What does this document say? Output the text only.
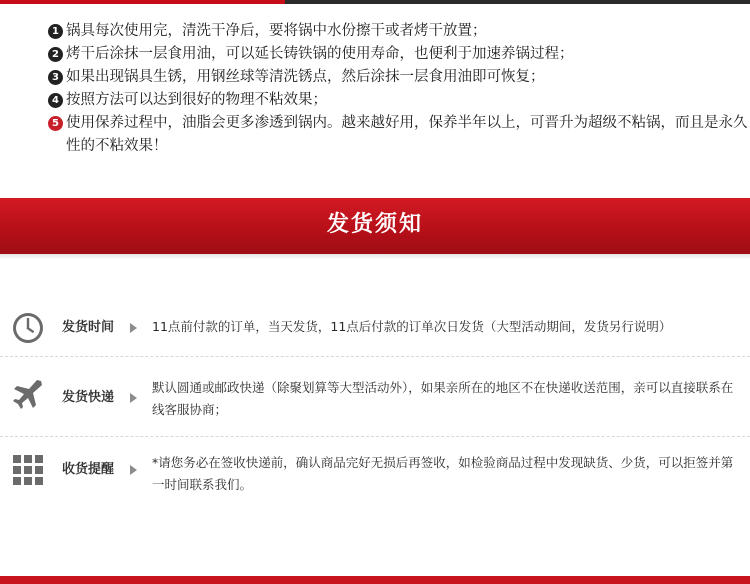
1 锅具每次使用完，清洗干净后，要将锅中水份擦干或者烤干放置；
2 烤干后涂抹一层食用油，可以延长铸铁锅的使用寿命，也便利于加速养锅过程；
3 如果出现锅具生锈，用钢丝球等清洗锈点，然后涂抹一层食用油即可恢复；
4 按照方法可以达到很好的物理不粘效果；
5 使用保养过程中，油脂会更多渗透到锅内。越来越好用，保养半年以上，可晋升为超级不粘锅，而且是永久性的不粘效果！
发货须知
发货时间	11点前付款的订单，当天发货，11点后付款的订单次日发货（大型活动期间，发货另行说明）
发货快递
默认圆通或邮政快递（除聚划算等大型活动外），如果亲所在的地区不在快递收送范围，亲可以直接联系在线客服协商；
收货提醒	*请您务必在签收快递前，确认商品完好无损后再签收，如检验商品过程中发现缺货、少货，可以拒签并第一时间联系我们。
